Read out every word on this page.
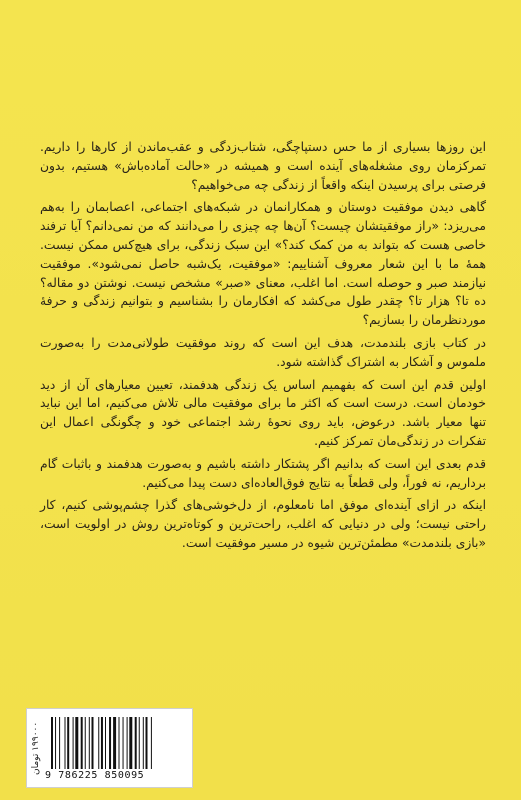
این روزها بسیاری از ما حس دستپاچگی، شتاب‌زدگی و عقب‌ماندن از کارها را داریم. تمرکزمان روی مشغله‌های آینده است و همیشه در «حالت آماده‌باش» هستیم، بدون فرصتی برای پرسیدن اینکه واقعاً از زندگی چه می‌خواهیم؟

گاهی دیدن موفقیت دوستان و همکارانمان در شبکه‌های اجتماعی، اعصابمان را به‌هم می‌ریزد: «راز موفقیتشان چیست؟ آن‌ها چه چیزی را می‌دانند که من نمی‌دانم؟ آیا ترفند خاصی هست که بتواند به من کمک کند؟» این سبک زندگی، برای هیچ‌کس ممکن نیست. همهٔ ما با این شعار معروف آشناییم: «موفقیت، یک‌شبه حاصل نمی‌شود». موفقیت نیازمند صبر و حوصله است. اما اغلب، معنای «صبر» مشخص نیست. نوشتن دو مقاله؟ ده تا؟ هزار تا؟ چقدر طول می‌کشد که افکارمان را بشناسیم و بتوانیم زندگی و حرفهٔ موردنظرمان را بسازیم؟

در کتاب بازی بلندمدت، هدف این است که روند موفقیت طولانی‌مدت را به‌صورت ملموس و آشکار به اشتراک گذاشته شود.

اولین قدم این است که بفهمیم اساس یک زندگی هدفمند، تعیین معیارهای آن از دید خودمان است. درست است که اکثر ما برای موفقیت مالی تلاش می‌کنیم، اما این نباید تنها معیار باشد. درعوض، باید روی نحوهٔ رشد اجتماعی خود و چگونگی اعمال این تفکرات در زندگی‌مان تمرکز کنیم.

قدم بعدی این است که بدانیم اگر پشتکار داشته باشیم و به‌صورت هدفمند و باثبات گام برداریم، نه فوراً، ولی قطعاً به نتایج فوق‌العاده‌ای دست پیدا می‌کنیم.

اینکه در ازای آینده‌ای موفق اما نامعلوم، از دل‌خوشی‌های گذرا چشم‌پوشی کنیم، کار راحتی نیست؛ ولی در دنیایی که اغلب، راحت‌ترین و کوتاه‌ترین روش در اولویت است، «بازی بلندمدت» مطمئن‌ترین شیوه در مسیر موفقیت است.

۱۹۹۰۰۰ تومان
9 786225 850095
